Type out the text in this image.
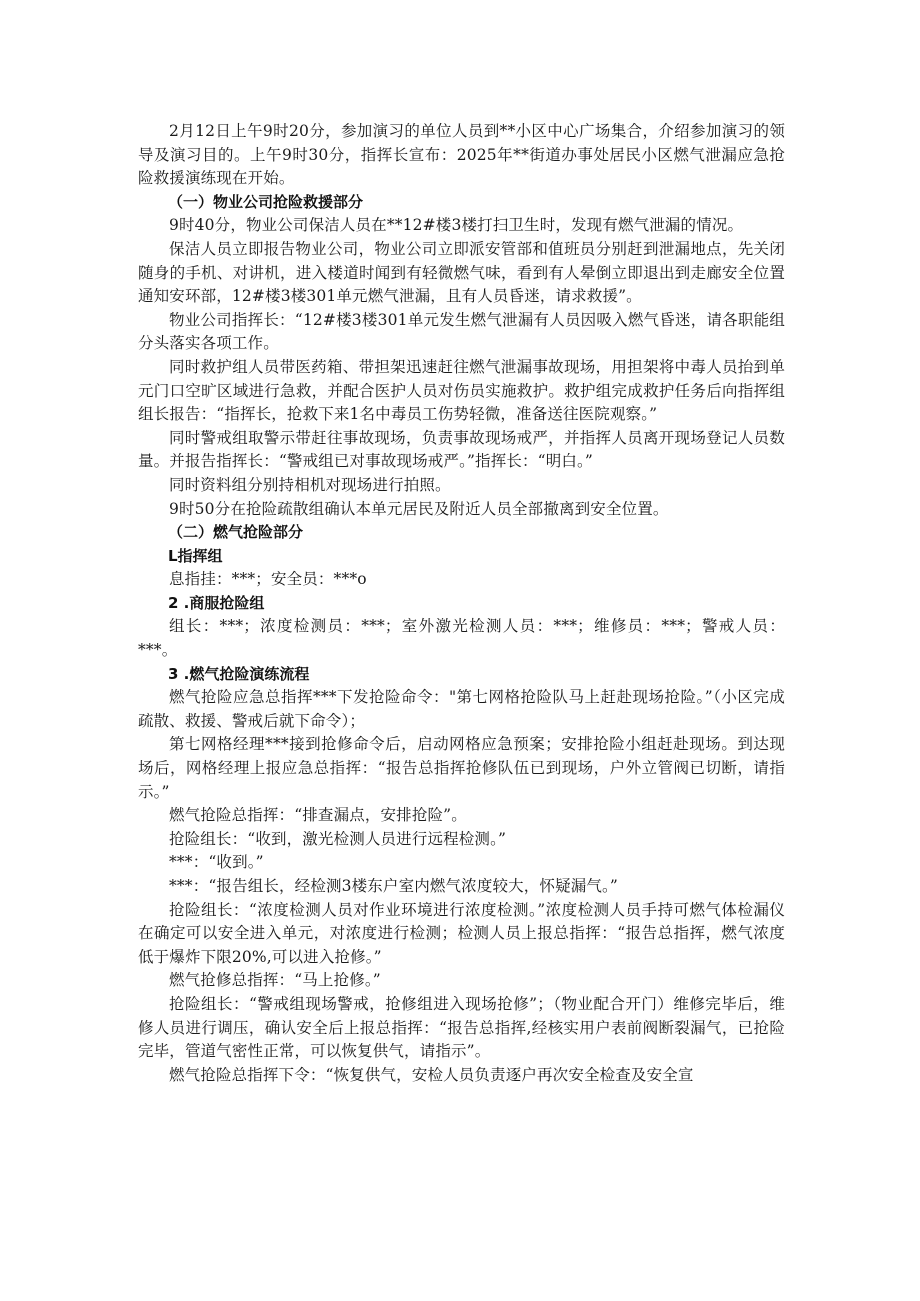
2月12日上午9时20分，参加演习的单位人员到**小区中心广场集合，介绍参加演习的领导及演习目的。上午9时30分，指挥长宣布：2025年**街道办事处居民小区燃气泄漏应急抢险救援演练现在开始。

（一）物业公司抢险救援部分

9时40分，物业公司保洁人员在**12#楼3楼打扫卫生时，发现有燃气泄漏的情况。

保洁人员立即报告物业公司，物业公司立即派安管部和值班员分别赶到泄漏地点，先关闭随身的手机、对讲机，进入楼道时闻到有轻微燃气味，看到有人晕倒立即退出到走廊安全位置通知安环部，12#楼3楼301单元燃气泄漏，且有人员昏迷，请求救援”。

物业公司指挥长：“12#楼3楼301单元发生燃气泄漏有人员因吸入燃气昏迷，请各职能组分头落实各项工作。

同时救护组人员带医药箱、带担架迅速赶往燃气泄漏事故现场，用担架将中毒人员抬到单元门口空旷区域进行急救，并配合医护人员对伤员实施救护。救护组完成救护任务后向指挥组组长报告：“指挥长，抢救下来1名中毒员工伤势轻微，准备送往医院观察。”

同时警戒组取警示带赶往事故现场，负责事故现场戒严，并指挥人员离开现场登记人员数量。并报告指挥长：“警戒组已对事故现场戒严。”指挥长：“明白。”

同时资料组分别持相机对现场进行拍照。

9时50分在抢险疏散组确认本单元居民及附近人员全部撤离到安全位置。

（二）燃气抢险部分

L指挥组

息指挂：***；安全员：***o

2 .商服抢险组

组长：***；浓度检测员：***；室外激光检测人员：***；维修员：***；警戒人员：***。

3 .燃气抢险演练流程

燃气抢险应急总指挥***下发抢险命令："第七网格抢险队马上赶赴现场抢险。”（小区完成疏散、救援、警戒后就下命令）；

第七网格经理***接到抢修命令后，启动网格应急预案；安排抢险小组赶赴现场。到达现场后，网格经理上报应急总指挥：“报告总指挥抢修队伍已到现场，户外立管阀已切断，请指示。”

燃气抢险总指挥：“排查漏点，安排抢险”。

抢险组长：“收到，激光检测人员进行远程检测。”

***：“收到。”

***：“报告组长，经检测3楼东户室内燃气浓度较大，怀疑漏气。”

抢险组长：“浓度检测人员对作业环境进行浓度检测。”浓度检测人员手持可燃气体检漏仪在确定可以安全进入单元，对浓度进行检测；检测人员上报总指挥：“报告总指挥，燃气浓度低于爆炸下限20%,可以进入抢修。”

燃气抢修总指挥：“马上抢修。”

抢险组长：“警戒组现场警戒，抢修组进入现场抢修”；（物业配合开门）维修完毕后，维修人员进行调压，确认安全后上报总指挥：“报告总指挥,经核实用户表前阀断裂漏气，已抢险完毕，管道气密性正常，可以恢复供气，请指示”。

燃气抢险总指挥下令：“恢复供气，安检人员负责逐户再次安全检查及安全宣
